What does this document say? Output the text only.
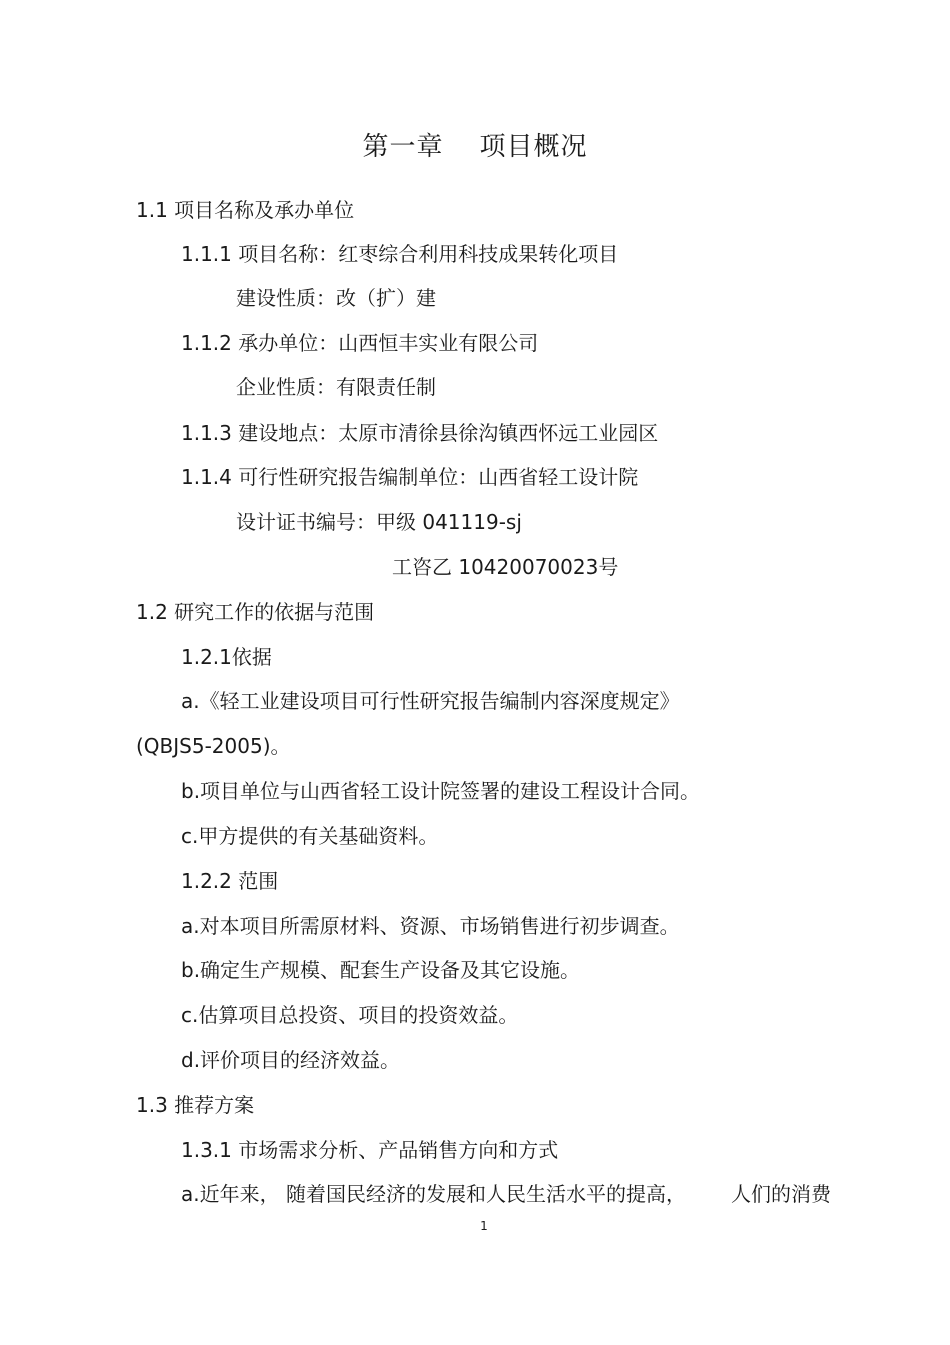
第一章 项目概况
1.1 项目名称及承办单位
1.1.1 项目名称：红枣综合利用科技成果转化项目
建设性质：改（扩）建
1.1.2 承办单位：山西恒丰实业有限公司
企业性质：有限责任制
1.1.3 建设地点：太原市清徐县徐沟镇西怀远工业园区
1.1.4 可行性研究报告编制单位：山西省轻工设计院
设计证书编号：甲级 041119-sj
工咨乙 10420070023号
1.2 研究工作的依据与范围
1.2.1依据
a.《轻工业建设项目可行性研究报告编制内容深度规定》
(QBJS5-2005)。
b.项目单位与山西省轻工设计院签署的建设工程设计合同。
c.甲方提供的有关基础资料。
1.2.2 范围
a.对本项目所需原材料、资源、市场销售进行初步调查。
b.确定生产规模、配套生产设备及其它设施。
c.估算项目总投资、项目的投资效益。
d.评价项目的经济效益。
1.3 推荐方案
1.3.1 市场需求分析、产品销售方向和方式
a.近年来， 随着国民经济的发展和人民生活水平的提高， 人们的消费
1
